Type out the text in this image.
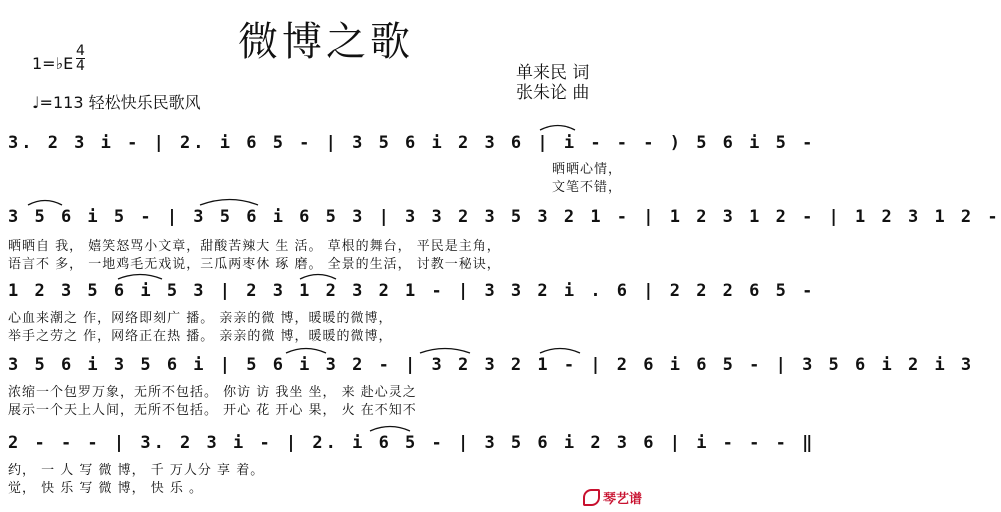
微博之歌
1=♭E
4
4
♩=113 轻松快乐民歌风
单来民 词
张朱论 曲
3. 2 3 i - | 2. i 6 5 - | 3 5 6 i 2 3 6 | i - - - ) 5 6 i 5 -
晒晒心情，
文笔不错，
3 5 6 i 5 - | 3 5 6 i 6 5 3 | 3 3 2 3 5 3 2 1 - | 1 2 3 1 2 - | 1 2 3 1 2 -
晒晒自 我， 嬉笑怒骂小文章，甜酸苦辣大 生 活。 草根的舞台， 平民是主角，
语言不 多， 一地鸡毛无戏说，三瓜两枣休 琢 磨。 全景的生活， 讨教一秘诀，
1 2 3 5 6 i 5 3 | 2 3 1 2 3 2 1 - | 3 3 2 i . 6 | 2 2 2 6 5 -
心血来潮之 作，网络即刻广 播。 亲亲的微 博，暖暖的微博，
举手之劳之 作，网络正在热 播。 亲亲的微 博，暖暖的微博，
3 5 6 i 3 5 6 i | 5 6 i 3 2 - | 3 2 3 2 1 - | 2 6 i 6 5 - | 3 5 6 i 2 i 3
浓缩一个包罗万象，无所不包括。 你访 访 我坐 坐， 来 赴心灵之
展示一个天上人间，无所不包括。 开心 花 开心 果， 火 在不知不
2 - - - | 3. 2 3 i - | 2. i 6 5 - | 3 5 6 i 2 3 6 | i - - - ‖
约， 一 人 写 微 博， 千 万人分 享 着。
觉， 快 乐 写 微 博， 快 乐 。
琴艺谱
